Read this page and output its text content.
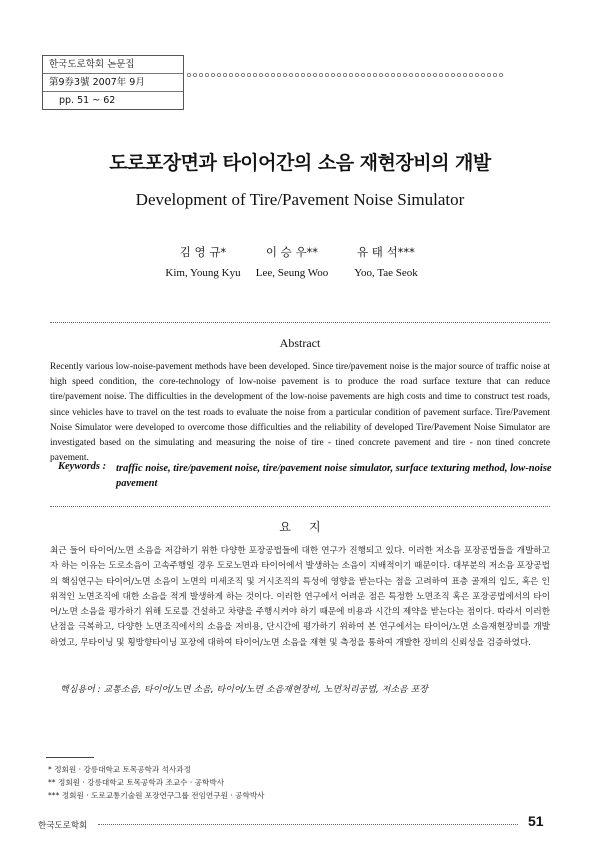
한국도로학회 논문집
第9券3號 2007年 9月
pp. 51 ~ 62
도로포장면과 타이어간의 소음 재현장비의 개발
Development of Tire/Pavement Noise Simulator
김 영 규*
Kim, Young Kyu
이 승 우**
Lee, Seung Woo
유 태 석***
Yoo, Tae Seok
Abstract
Recently various low-noise-pavement methods have been developed. Since tire/pavement noise is the major source of traffic noise at high speed condition, the core-technology of low-noise pavement is to produce the road surface texture that can reduce tire/pavement noise. The difficulties in the development of the low-noise pavements are high costs and time to construct test roads, since vehicles have to travel on the test roads to evaluate the noise from a particular condition of pavement surface. Tire/Pavement Noise Simulator were developed to overcome those difficulties and the reliability of developed Tire/Pavement Noise Simulator are investigated based on the simulating and measuring the noise of tire - tined concrete pavement and tire - non tined concrete pavement.
Keywords : traffic noise, tire/pavement noise, tire/pavement noise simulator, surface texturing method, low-noise pavement
요지
최근 들어 타이어/노면 소음을 저감하기 위한 다양한 포장공법들에 대한 연구가 진행되고 있다. 이러한 저소음 포장공법들을 개발하고자 하는 이유는 도로소음이 고속주행일 경우 도로노면과 타이어에서 발생하는 소음이 지배적이기 때문이다. 대부분의 저소음 포장공법의 핵심연구는 타이어/노면 소음이 노면의 미세조직 및 거시조직의 특성에 영향을 받는다는 점을 고려하여 표층 골재의 입도, 혹은 인위적인 노면조직에 대한 소음을 적게 발생하게 하는 것이다. 이러한 연구에서 어려운 점은 특정한 노면조직 혹은 포장공법에서의 타이어/노면 소음을 평가하기 위해 도로를 건설하고 차량을 주행시켜야 하기 때문에 비용과 시간의 제약을 받는다는 점이다. 따라서 이러한 난점을 극복하고, 다양한 노면조직에서의 소음을 저비용, 단시간에 평가하기 위하여 본 연구에서는 타이어/노면 소음재현장비를 개발하였고, 무타이닝 및 횡방향타이닝 포장에 대하여 타이어/노면 소음을 재현 및 측정을 통하여 개발한 장비의 신뢰성을 검증하였다.
핵심용어 : 교통소음, 타이어/노면 소음, 타이어/노면 소음재현장비, 노면처리공법, 저소음 포장
* 정회원 · 강릉대학교 토목공학과 석사과정
** 정회원 · 강릉대학교 토목공학과 조교수 · 공학박사
*** 정회원 · 도로교통기술원 포장연구그룹 전임연구원 · 공학박사
한국도로학회	51
